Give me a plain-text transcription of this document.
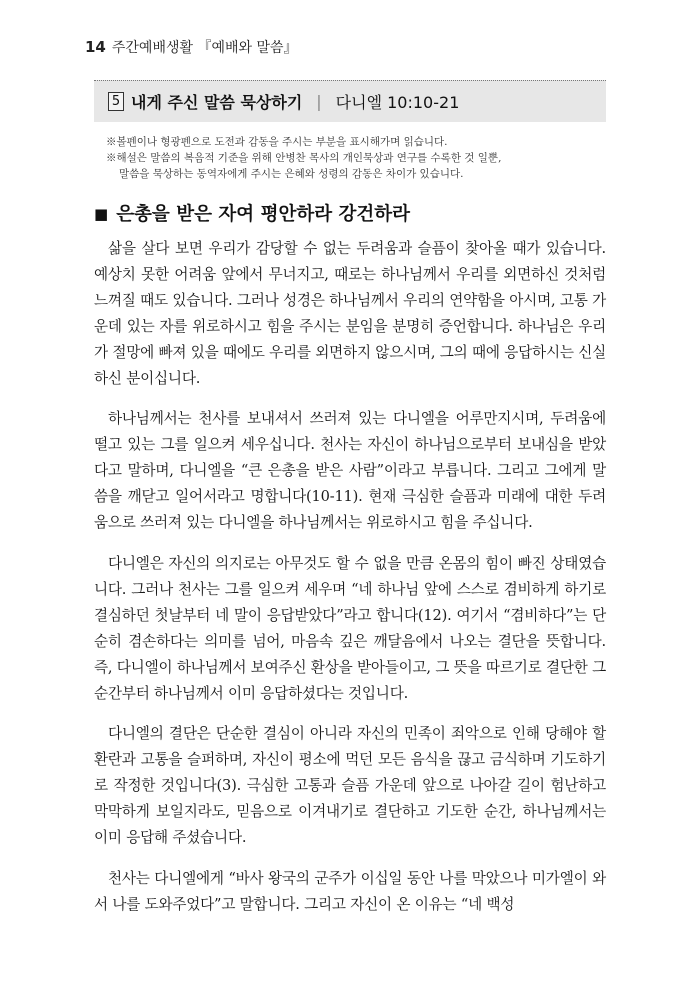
14 주간예배생활 『예배와 말씀』
5 내게 주신 말씀 묵상하기 | 다니엘 10:10-21
※볼펜이나 형광펜으로 도전과 감동을 주시는 부분을 표시해가며 읽습니다.
※해설은 말씀의 복음적 기준을 위해 안병찬 목사의 개인묵상과 연구를 수록한 것 일뿐,
말씀을 묵상하는 동역자에게 주시는 은혜와 성령의 감동은 차이가 있습니다.
■ 은총을 받은 자여 평안하라 강건하라

삶을 살다 보면 우리가 감당할 수 없는 두려움과 슬픔이 찾아올 때가 있습니다. 예상치 못한 어려움 앞에서 무너지고, 때로는 하나님께서 우리를 외면하신 것처럼 느껴질 때도 있습니다. 그러나 성경은 하나님께서 우리의 연약함을 아시며, 고통 가운데 있는 자를 위로하시고 힘을 주시는 분임을 분명히 증언합니다. 하나님은 우리가 절망에 빠져 있을 때에도 우리를 외면하지 않으시며, 그의 때에 응답하시는 신실하신 분이십니다.

하나님께서는 천사를 보내셔서 쓰러져 있는 다니엘을 어루만지시며, 두려움에 떨고 있는 그를 일으켜 세우십니다. 천사는 자신이 하나님으로부터 보내심을 받았다고 말하며, 다니엘을 “큰 은총을 받은 사람”이라고 부릅니다. 그리고 그에게 말씀을 깨닫고 일어서라고 명합니다(10-11). 현재 극심한 슬픔과 미래에 대한 두려움으로 쓰러져 있는 다니엘을 하나님께서는 위로하시고 힘을 주십니다.

다니엘은 자신의 의지로는 아무것도 할 수 없을 만큼 온몸의 힘이 빠진 상태였습니다. 그러나 천사는 그를 일으켜 세우며 “네 하나님 앞에 스스로 겸비하게 하기로 결심하던 첫날부터 네 말이 응답받았다”라고 합니다(12). 여기서 “겸비하다”는 단순히 겸손하다는 의미를 넘어, 마음속 깊은 깨달음에서 나오는 결단을 뜻합니다. 즉, 다니엘이 하나님께서 보여주신 환상을 받아들이고, 그 뜻을 따르기로 결단한 그 순간부터 하나님께서 이미 응답하셨다는 것입니다.

다니엘의 결단은 단순한 결심이 아니라 자신의 민족이 죄악으로 인해 당해야 할 환란과 고통을 슬퍼하며, 자신이 평소에 먹던 모든 음식을 끊고 금식하며 기도하기로 작정한 것입니다(3). 극심한 고통과 슬픔 가운데 앞으로 나아갈 길이 험난하고 막막하게 보일지라도, 믿음으로 이겨내기로 결단하고 기도한 순간, 하나님께서는 이미 응답해 주셨습니다.

천사는 다니엘에게 “바사 왕국의 군주가 이십일 동안 나를 막았으나 미가엘이 와서 나를 도와주었다”고 말합니다. 그리고 자신이 온 이유는 “네 백성
